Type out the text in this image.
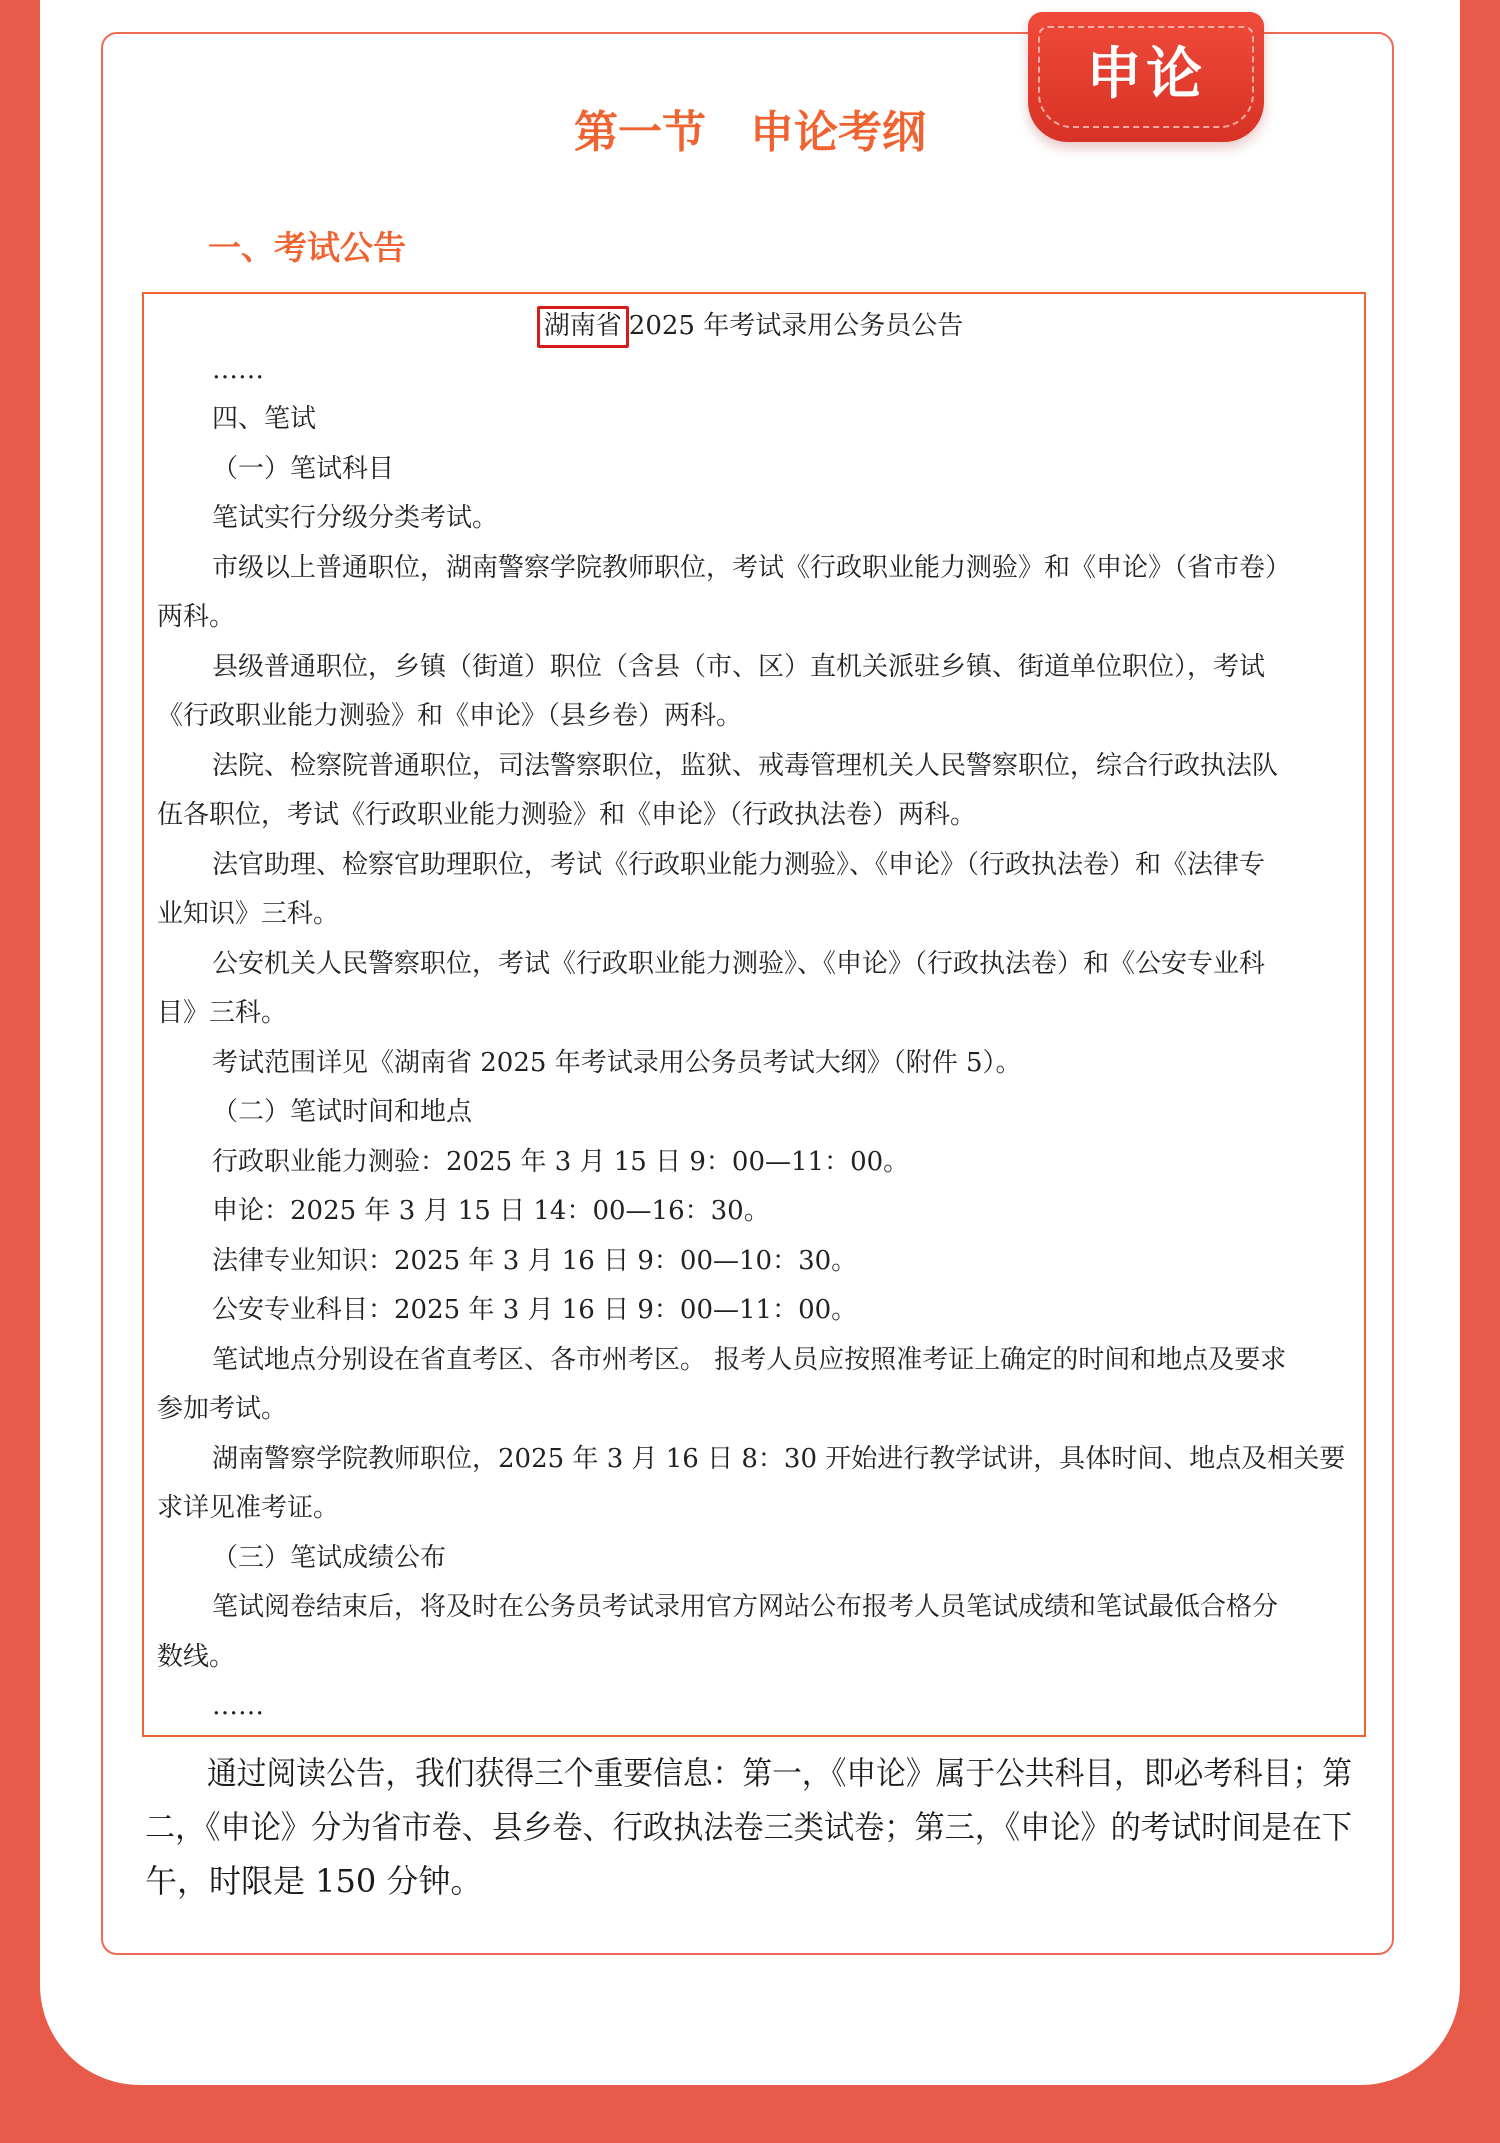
申论
第一节　申论考纲
一、考试公告
湖南省 2025 年考试录用公务员公告
……
四、笔试
（一）笔试科目
笔试实行分级分类考试。
市级以上普通职位，湖南警察学院教师职位，考试《行政职业能力测验》和《申论》（省市卷）
两科。
县级普通职位，乡镇（街道）职位（含县（市、区）直机关派驻乡镇、街道单位职位），考试
《行政职业能力测验》和《申论》（县乡卷）两科。
法院、检察院普通职位，司法警察职位，监狱、戒毒管理机关人民警察职位，综合行政执法队
伍各职位，考试《行政职业能力测验》和《申论》（行政执法卷）两科。
法官助理、检察官助理职位，考试《行政职业能力测验》、《申论》（行政执法卷）和《法律专
业知识》三科。
公安机关人民警察职位，考试《行政职业能力测验》、《申论》（行政执法卷）和《公安专业科
目》三科。
考试范围详见《湖南省 2025 年考试录用公务员考试大纲》（附件 5）。
（二）笔试时间和地点
行政职业能力测验：2025 年 3 月 15 日 9：00—11：00。
申论：2025 年 3 月 15 日 14：00—16：30。
法律专业知识：2025 年 3 月 16 日 9：00—10：30。
公安专业科目：2025 年 3 月 16 日 9：00—11：00。
笔试地点分别设在省直考区、各市州考区。 报考人员应按照准考证上确定的时间和地点及要求
参加考试。
湖南警察学院教师职位，2025 年 3 月 16 日 8：30 开始进行教学试讲，具体时间、地点及相关要
求详见准考证。
（三）笔试成绩公布
笔试阅卷结束后，将及时在公务员考试录用官方网站公布报考人员笔试成绩和笔试最低合格分
数线。
……
通过阅读公告，我们获得三个重要信息：第一，《申论》属于公共科目，即必考科目；第
二，《申论》分为省市卷、县乡卷、行政执法卷三类试卷；第三，《申论》的考试时间是在下
午，时限是 150 分钟。
